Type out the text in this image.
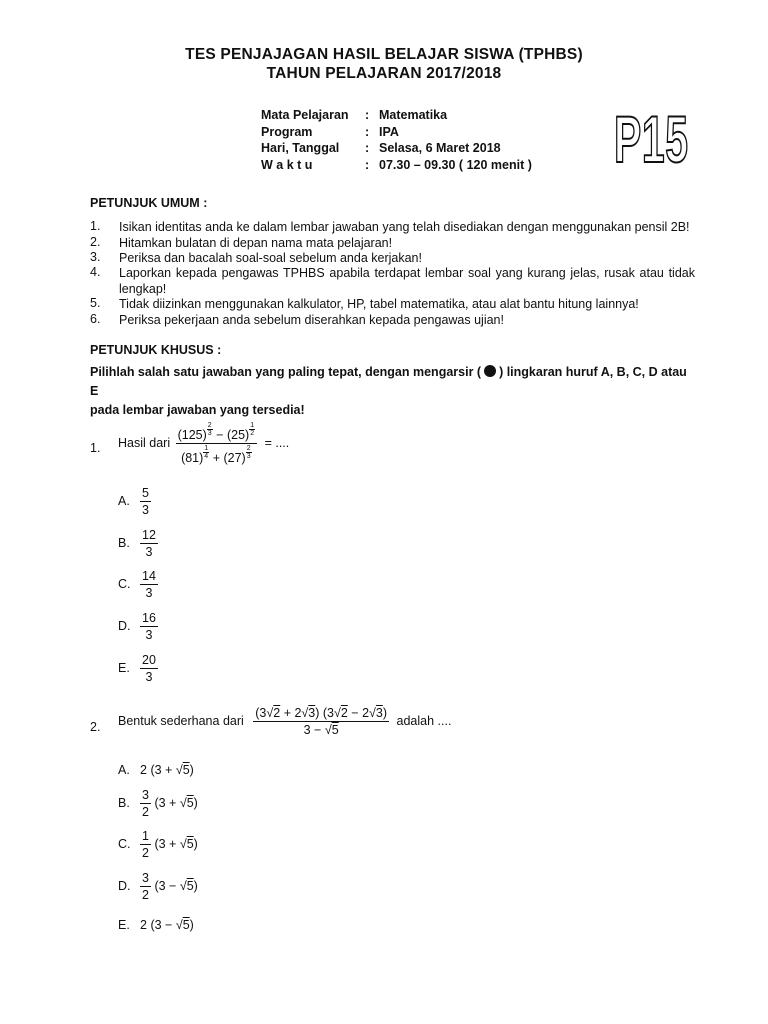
TES PENJAJAGAN HASIL BELAJAR SISWA (TPHBS)
TAHUN PELAJARAN 2017/2018
Mata Pelajaran : Matematika
Program	: IPA
Hari, Tanggal : Selasa, 6 Maret 2018
W a k t u	: 07.30 – 09.30 ( 120 menit ) P15
PETUNJUK UMUM :
1. Isikan identitas anda ke dalam lembar jawaban yang telah disediakan dengan menggunakan pensil 2B!
2. Hitamkan bulatan di depan nama mata pelajaran!
3. Periksa dan bacalah soal-soal sebelum anda kerjakan!
4. Laporkan kepada pengawas TPHBS apabila terdapat lembar soal yang kurang jelas, rusak atau tidak lengkap!
5. Tidak diizinkan menggunakan kalkulator, HP, tabel matematika, atau alat bantu hitung lainnya!
6. Periksa pekerjaan anda sebelum diserahkan kepada pengawas ujian!
PETUNJUK KHUSUS :
Pilihlah salah satu jawaban yang paling tepat, dengan mengarsir ( ) lingkaran huruf A, B, C, D atau E
pada lembar jawaban yang tersedia!
1. Hasil dari $\frac{(125) \frac{2}{3} - (25) \frac{1}{2}}{(81) \frac{1}{4} + (27) \frac{2}{3}}$ = ....
A. $\frac{5}{3}$
B. $\frac{12}{3}$
C. $\frac{14}{3}$
D. $\frac{16}{3}$
E. $\frac{20}{3}$
2. Bentuk sederhana dari $\frac{(3√2 + 2√3) (3√2 - 2√3)}{3 - √5}$ adalah ....
A. 2 (3 + √5)
B. $\frac{3}{2} (3 + √5)$
C. $\frac{1}{2} (3 + √5)$
D. $\frac{3}{2} (3 - √5)$
E. 2 (3 − √5)
